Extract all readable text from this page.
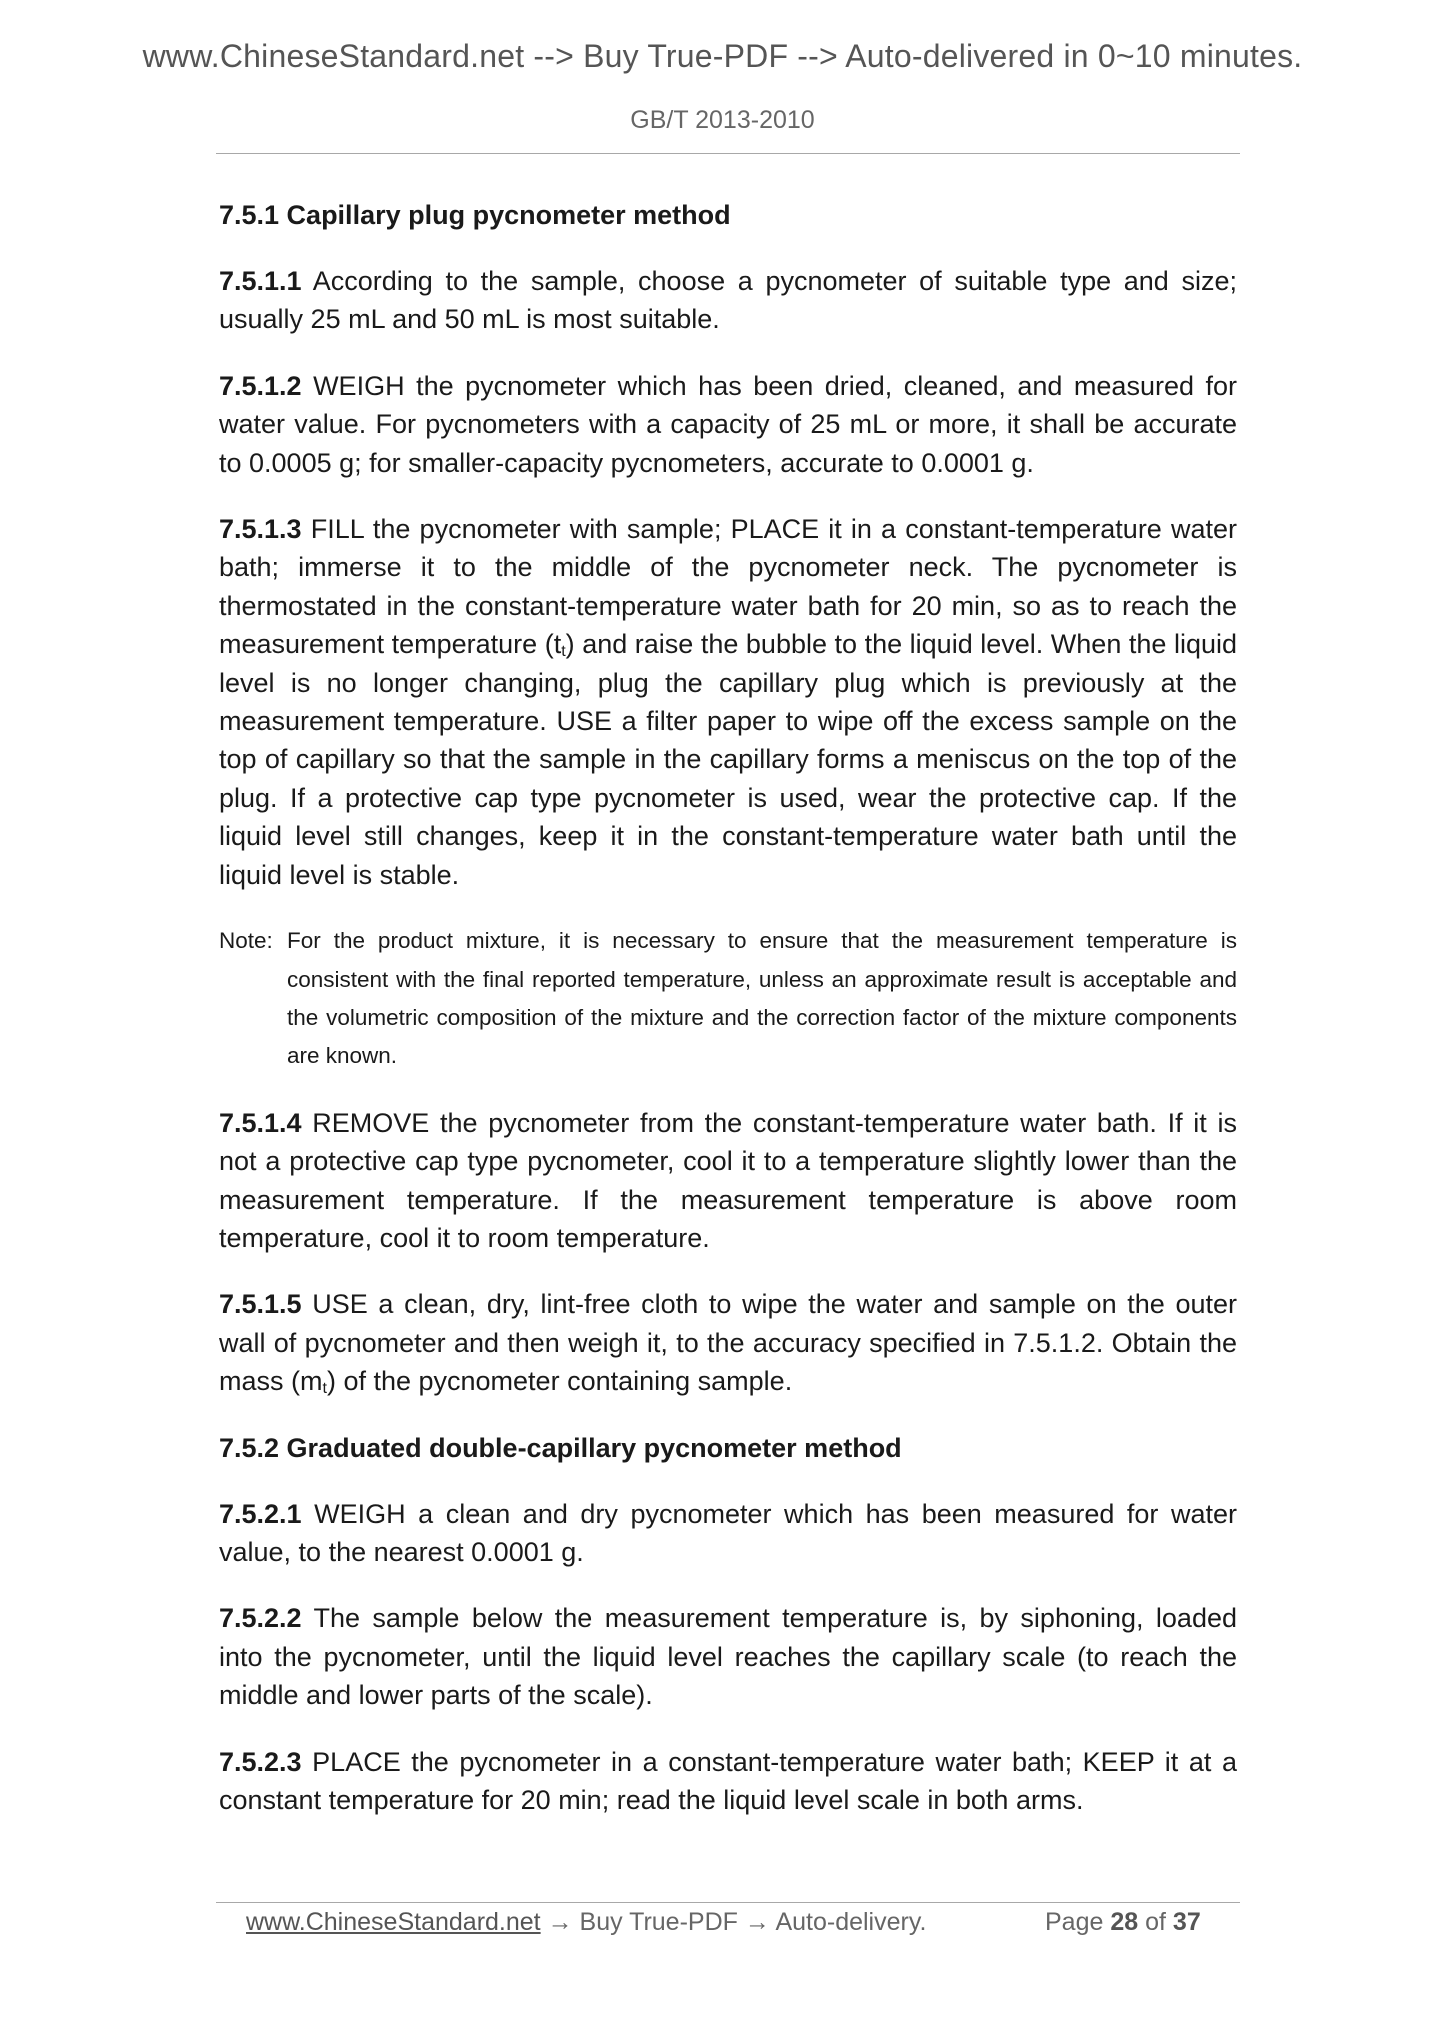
www.ChineseStandard.net --> Buy True-PDF --> Auto-delivered in 0~10 minutes.
GB/T 2013-2010
7.5.1 Capillary plug pycnometer method

7.5.1.1 According to the sample, choose a pycnometer of suitable type and size; usually 25 mL and 50 mL is most suitable.

7.5.1.2 WEIGH the pycnometer which has been dried, cleaned, and measured for water value. For pycnometers with a capacity of 25 mL or more, it shall be accurate to 0.0005 g; for smaller-capacity pycnometers, accurate to 0.0001 g.

7.5.1.3 FILL the pycnometer with sample; PLACE it in a constant-temperature water bath; immerse it to the middle of the pycnometer neck. The pycnometer is thermostated in the constant-temperature water bath for 20 min, so as to reach the measurement temperature $(t_t)$ and raise the bubble to the liquid level. When the liquid level is no longer changing, plug the capillary plug which is previously at the measurement temperature. USE a filter paper to wipe off the excess sample on the top of capillary so that the sample in the capillary forms a meniscus on the top of the plug. If a protective cap type pycnometer is used, wear the protective cap. If the liquid level still changes, keep it in the constant-temperature water bath until the liquid level is stable.

Note: For the product mixture, it is necessary to ensure that the measurement temperature is consistent with the final reported temperature, unless an approximate result is acceptable and the volumetric composition of the mixture and the correction factor of the mixture components are known.

7.5.1.4 REMOVE the pycnometer from the constant-temperature water bath. If it is not a protective cap type pycnometer, cool it to a temperature slightly lower than the measurement temperature. If the measurement temperature is above room temperature, cool it to room temperature.

7.5.1.5 USE a clean, dry, lint-free cloth to wipe the water and sample on the outer wall of pycnometer and then weigh it, to the accuracy specified in 7.5.1.2. Obtain the mass $(m_t)$ of the pycnometer containing sample.

7.5.2 Graduated double-capillary pycnometer method

7.5.2.1 WEIGH a clean and dry pycnometer which has been measured for water value, to the nearest 0.0001 g.

7.5.2.2 The sample below the measurement temperature is, by siphoning, loaded into the pycnometer, until the liquid level reaches the capillary scale (to reach the middle and lower parts of the scale).

7.5.2.3 PLACE the pycnometer in a constant-temperature water bath; KEEP it at a constant temperature for 20 min; read the liquid level scale in both arms.

www.ChineseStandard.net → Buy True-PDF → Auto-delivery.	Page 28 of 37
